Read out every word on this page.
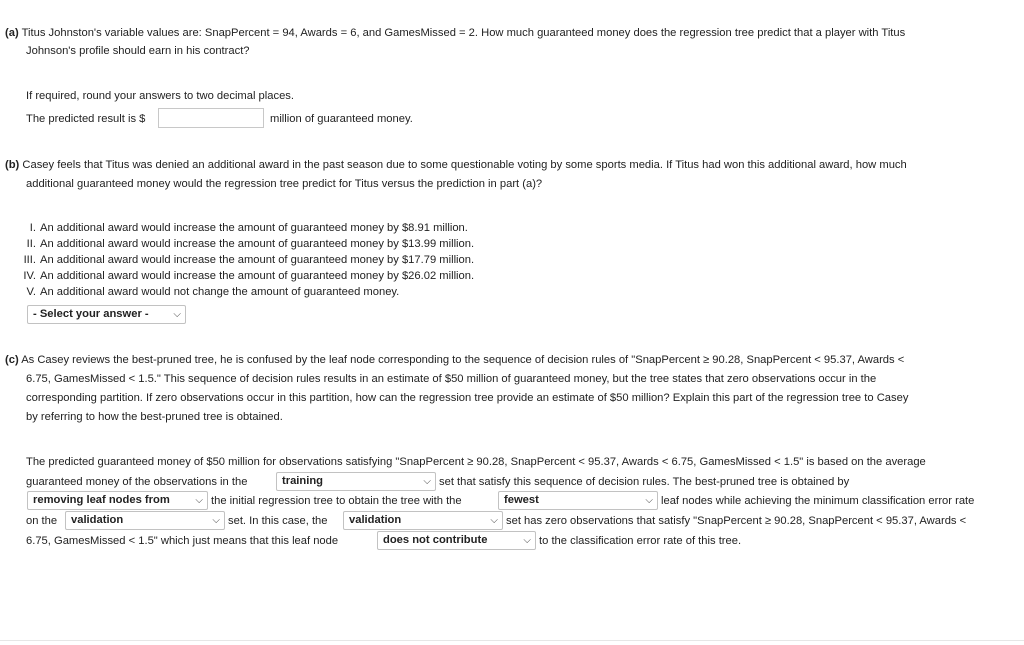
(a) Titus Johnston's variable values are: SnapPercent = 94, Awards = 6, and GamesMissed = 2. How much guaranteed money does the regression tree predict that a player with Titus
Johnson's profile should earn in his contract?
If required, round your answers to two decimal places.
The predicted result is $	million of guaranteed money.
(b) Casey feels that Titus was denied an additional award in the past season due to some questionable voting by some sports media. If Titus had won this additional award, how much
additional guaranteed money would the regression tree predict for Titus versus the prediction in part (a)?
I. An additional award would increase the amount of guaranteed money by $8.91 million.
II. An additional award would increase the amount of guaranteed money by $13.99 million.
III. An additional award would increase the amount of guaranteed money by $17.79 million.
IV. An additional award would increase the amount of guaranteed money by $26.02 million.
V. An additional award would not change the amount of guaranteed money.
- Select your answer - ⌵
(c) As Casey reviews the best-pruned tree, he is confused by the leaf node corresponding to the sequence of decision rules of "SnapPercent ≥ 90.28, SnapPercent < 95.37, Awards <
6.75, GamesMissed < 1.5." This sequence of decision rules results in an estimate of $50 million of guaranteed money, but the tree states that zero observations occur in the
corresponding partition. If zero observations occur in this partition, how can the regression tree provide an estimate of $50 million? Explain this part of the regression tree to Casey
by referring to how the best-pruned tree is obtained.
The predicted guaranteed money of $50 million for observations satisfying "SnapPercent ≥ 90.28, SnapPercent < 95.37, Awards < 6.75, GamesMissed < 1.5" is based on the average
guaranteed money of the observations in the	training	⌵ set that satisfy this sequence of decision rules. The best-pruned tree is obtained by
removing leaf nodes from	⌵ the initial regression tree to obtain the tree with the	fewest	⌵ leaf nodes while achieving the minimum classification error rate
on the	validation	⌵ set. In this case, the	validation	⌵ set has zero observations that satisfy "SnapPercent ≥ 90.28, SnapPercent < 95.37, Awards <
6.75, GamesMissed < 1.5" which just means that this leaf node	does not contribute	⌵ to the classification error rate of this tree.
